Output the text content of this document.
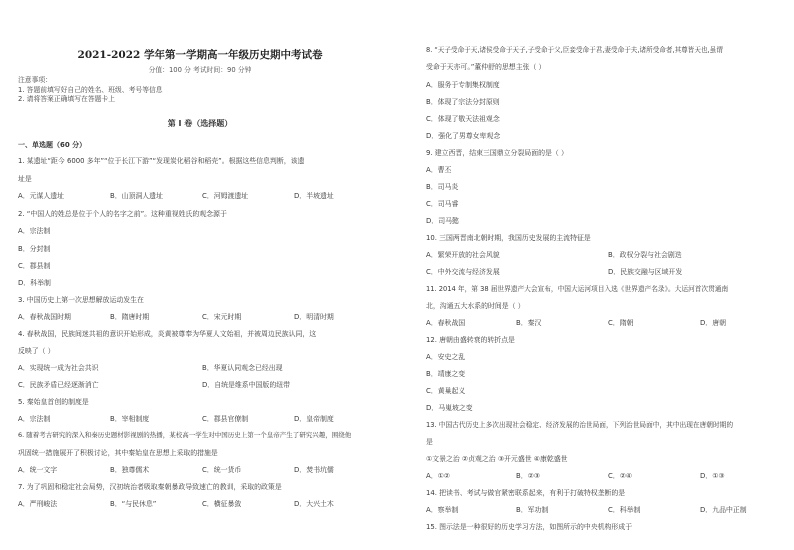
2021-2022 学年第一学期高一年级历史期中考试卷
分值：100 分 考试时间：90 分钟
注意事项：
1. 答题前填写好自己的姓名、班级、考号等信息
2. 请将答案正确填写在答题卡上
第 I 卷（选择题）
一、单选题（60 分）
1. 某遗址“距今 6000 多年”“位于长江下游”“发现炭化稻谷和稻壳”。根据这些信息判断，该遗
址是
A．元谋人遗址	B．山顶洞人遗址	C．河姆渡遗址	D．半坡遗址
2. “中国人的姓总是位于个人的名字之前”。这种重视姓氏的观念源于
A．宗法制
B．分封制
C．郡县制
D．科举制
3. 中国历史上第一次思想解放运动发生在
A．春秋战国时期	B．隋唐时期	C．宋元时期	D．明清时期
4. 春秋战国，民族间迷共祖的意识开始形成，炎黄被尊奉为华夏人文始祖，并被周边民族认同，这
反映了（ ）
A．实现统一成为社会共识	B．华夏认同观念已经出现
C．民族矛盾已经逐渐消亡	D．自统是维系中国版的纽带
5. 秦始皇首创的制度是
A．宗法制	B．宰相制度	C．郡县官僚制	D．皇帝制度
6. 随着考古研究的深入和秦历史题材影视剧的热播，某校高一学生对中国历史上第一个皇帝产生了研究兴趣，围绕他
巩固统一措施展开了积极讨论，其中秦始皇在思想上采取的措施是
A．统一文字	B．独尊儒术	C．统一货币	D．焚书坑儒
7. 为了巩固和稳定社会局势，汉初统治者吸取秦朝暴政导致速亡的教训，采取的政策是
A．严刑峻法	B．“与民休息”	C．横征暴敛	D．大兴土木
8. “天子受命于天,诸侯受命于天子,子受命于父,臣妾受命于君,妻受命于夫,诸所受命者,其尊皆天也,虽谓
受命于天亦可。”董仲舒的思想主张（ ）
A．服务于专制集权制度
B．体现了宗法分封原则
C．体现了敬天法祖观念
D．强化了男尊女卑观念
9. 建立西晋，结束三国鼎立分裂局面的是（ ）
A．曹丕
B．司马炎
C．司马睿
D．司马懿
10. 三国两晋南北朝时期，我国历史发展的主流特征是
A．繁荣开放的社会风貌	B．政权分裂与社会剧迭
C．中外交流与经济发展	D．民族交融与区域开发
11. 2014 年，第 38 届世界遗产大会宣布，中国大运河项目入选《世界遗产名录》。大运河首次贯通南
北，沟通五大水系的时间是（ ）
A．春秋战国	B．秦汉	C．隋朝	D．唐朝
12. 唐朝由盛转衰的转折点是
A．安史之乱
B．靖康之变
C．黄巢起义
D．马嵬坡之变
13. 中国古代历史上多次出现社会稳定、经济发展的治世局面，下列治世局面中，其中出现在唐朝时期的
是
①文景之治 ②贞观之治 ③开元盛世 ④康乾盛世
A．①②	B．②③	C．②④	D．①③
14. 把读书、考试与做官紧密联系起来，有利于打破特权垄断的是
A．察举制	B．军功制	C．科举制	D．九品中正制
15. 图示法是一种很好的历史学习方法，如图所示的中央机构形成于
